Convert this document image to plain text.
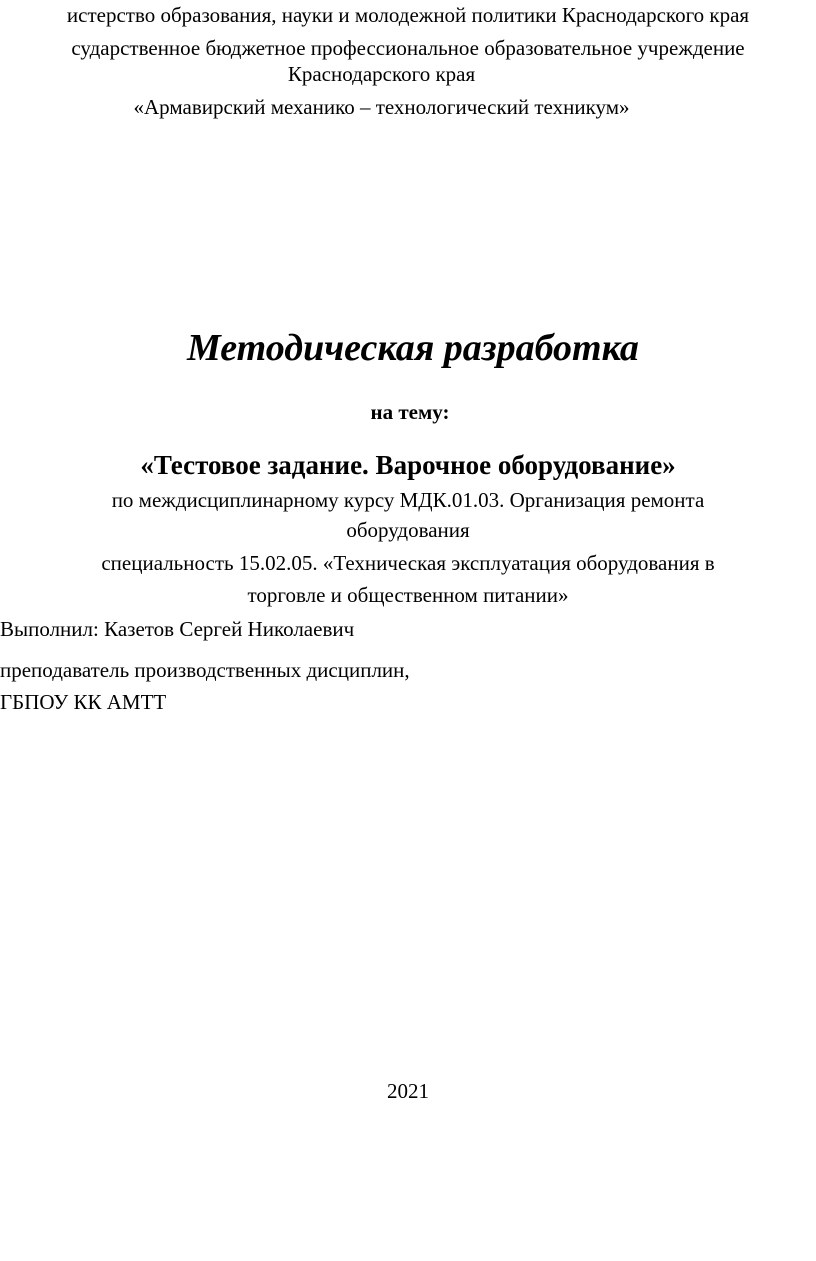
истерство образования, науки и молодежной политики Краснодарского края
сударственное бюджетное профессиональное образовательное учреждение
Краснодарского края
«Армавирский механико – технологический техникум»
Методическая разработка
на тему:
«Тестовое задание. Варочное оборудование»
по междисциплинарному курсу МДК.01.03. Организация ремонта
оборудования
специальность 15.02.05. «Техническая эксплуатация оборудования в
торговле и общественном питании»
Выполнил: Казетов Сергей Николаевич
преподаватель производственных дисциплин,
ГБПОУ КК АМТТ
2021
